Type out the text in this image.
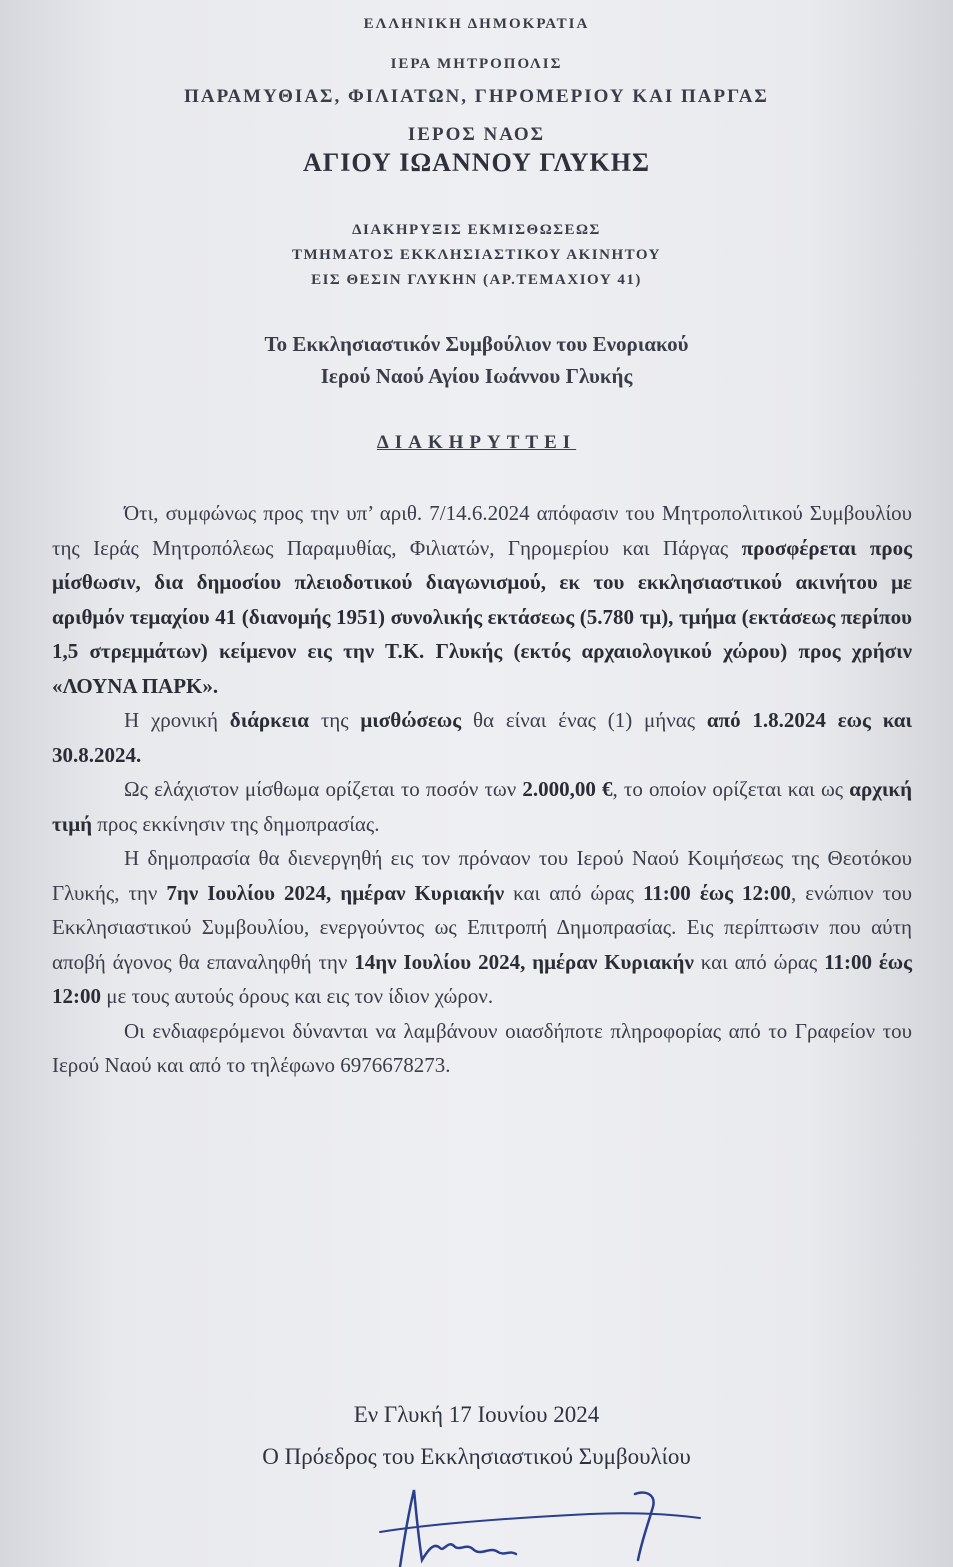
ΕΛΛΗΝΙΚΗ ΔΗΜΟΚΡΑΤΙΑ
ΙΕΡΑ ΜΗΤΡΟΠΟΛΙΣ
ΠΑΡΑΜΥΘΙΑΣ, ΦΙΛΙΑΤΩΝ, ΓΗΡΟΜΕΡΙΟΥ ΚΑΙ ΠΑΡΓΑΣ
ΙΕΡΟΣ ΝΑΟΣ
ΑΓΙΟΥ ΙΩΑΝΝΟΥ ΓΛΥΚΗΣ
ΔΙΑΚΗΡΥΞΙΣ ΕΚΜΙΣΘΩΣΕΩΣ
ΤΜΗΜΑΤΟΣ ΕΚΚΛΗΣΙΑΣΤΙΚΟΥ ΑΚΙΝΗΤΟΥ
ΕΙΣ ΘΕΣΙΝ ΓΛΥΚΗΝ (ΑΡ.ΤΕΜΑΧΙΟΥ 41)
Το Εκκλησιαστικόν Συμβούλιον του Ενοριακού
Ιερού Ναού Αγίου Ιωάννου Γλυκής
ΔΙΑΚΗΡΥΤΤΕΙ

Ότι, συμφώνως προς την υπ’ αριθ. 7/14.6.2024 απόφασιν του Μητροπολιτικού Συμβουλίου της Ιεράς Μητροπόλεως Παραμυθίας, Φιλιατών, Γηρομερίου και Πάργας προσφέρεται προς μίσθωσιν, δια δημοσίου πλειοδοτικού διαγωνισμού, εκ του εκκλησιαστικού ακινήτου με αριθμόν τεμαχίου 41 (διανομής 1951) συνολικής εκτάσεως (5.780 τμ), τμήμα (εκτάσεως περίπου 1,5 στρεμμάτων) κείμενον εις την Τ.Κ. Γλυκής (εκτός αρχαιολογικού χώρου) προς χρήσιν «ΛΟΥΝΑ ΠΑΡΚ».

Η χρονική διάρκεια της μισθώσεως θα είναι ένας (1) μήνας από 1.8.2024 εως και 30.8.2024.

Ως ελάχιστον μίσθωμα ορίζεται το ποσόν των 2.000,00 €, το οποίον ορίζεται και ως αρχική τιμή προς εκκίνησιν της δημοπρασίας.

Η δημοπρασία θα διενεργηθή εις τον πρόναον του Ιερού Ναού Κοιμήσεως της Θεοτόκου Γλυκής, την 7ην Ιουλίου 2024, ημέραν Κυριακήν και από ώρας 11:00 έως 12:00, ενώπιον του Εκκλησιαστικού Συμβουλίου, ενεργούντος ως Επιτροπή Δημοπρασίας. Εις περίπτωσιν που αύτη αποβή άγονος θα επαναληφθή την 14ην Ιουλίου 2024, ημέραν Κυριακήν και από ώρας 11:00 έως 12:00 με τους αυτούς όρους και εις τον ίδιον χώρον.

Οι ενδιαφερόμενοι δύνανται να λαμβάνουν οιασδήποτε πληροφορίας από το Γραφείον του Ιερού Ναού και από το τηλέφωνο 6976678273.

Εν Γλυκή 17 Ιουνίου 2024
Ο Πρόεδρος του Εκκλησιαστικού Συμβουλίου
